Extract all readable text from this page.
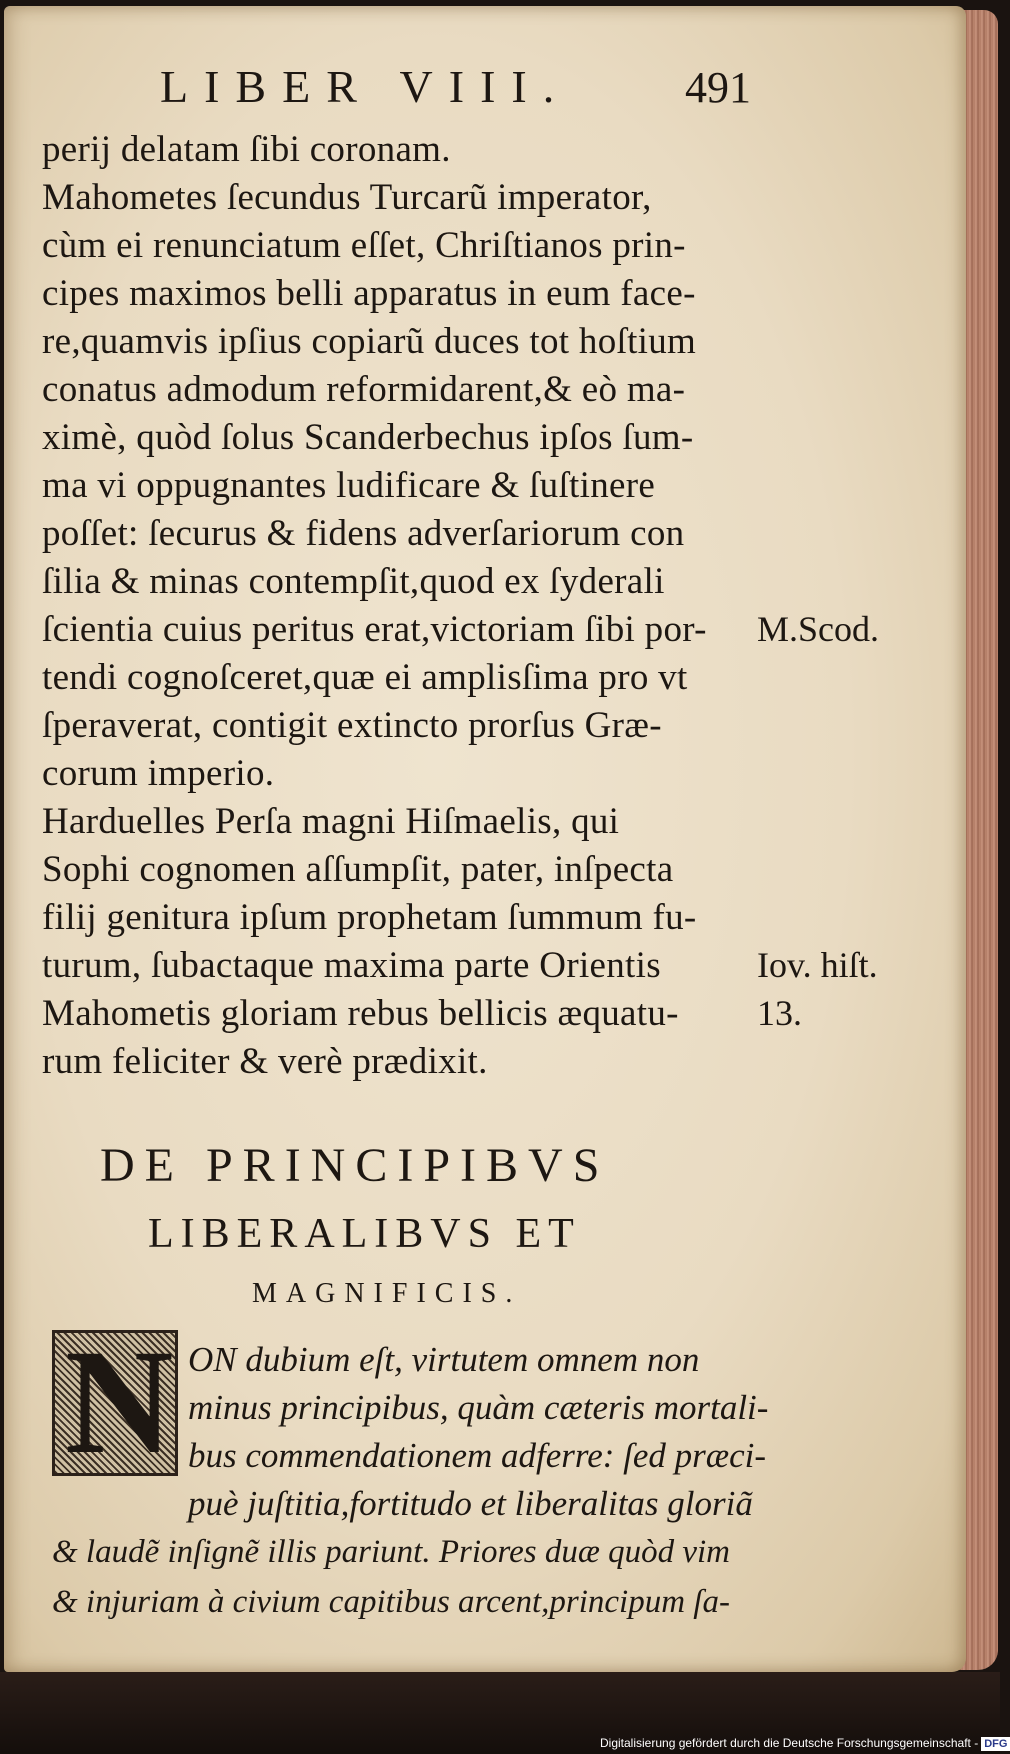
LIBER VIII.	491
perij delatam ſibi coronam.
Mahometes ſecundus Turcarũ imperator,
cùm ei renunciatum eſſet, Chriſtianos prin-
cipes maximos belli apparatus in eum face-
re,quamvis ipſius copiarũ duces tot hoſtium
conatus admodum reformidarent,& eò ma-
ximè, quòd ſolus Scanderbechus ipſos ſum-
ma vi oppugnantes ludificare & ſuſtinere
poſſet: ſecurus & fidens adverſariorum con
ſilia & minas contempſit,quod ex ſyderali
ſcientia cuius peritus erat,victoriam ſibi por-
tendi cognoſceret,quæ ei amplisſima pro vt
ſperaverat, contigit extincto prorſus Græ-
corum imperio.
Harduelles Perſa magni Hiſmaelis, qui
Sophi cognomen aſſumpſit, pater, inſpecta
filij genitura ipſum prophetam ſummum fu-
turum, ſubactaque maxima parte Orientis
Mahometis gloriam rebus bellicis æquatu-
rum feliciter & verè prædixit.
M.Scod.
Iov. hiſt.
13.
DE PRINCIPIBVS
LIBERALIBVS ET
MAGNIFICIS.
N ON dubium eſt, virtutem omnem non
minus principibus, quàm cæteris mortali-
bus commendationem adferre: ſed præci-
puè juſtitia,fortitudo et liberalitas gloriã
& laudẽ inſignẽ illis pariunt. Priores duæ quòd vim
& injuriam à civium capitibus arcent,principum ſa-
Digitalisierung gefördert durch die Deutsche Forschungsgemeinschaft - DFG
